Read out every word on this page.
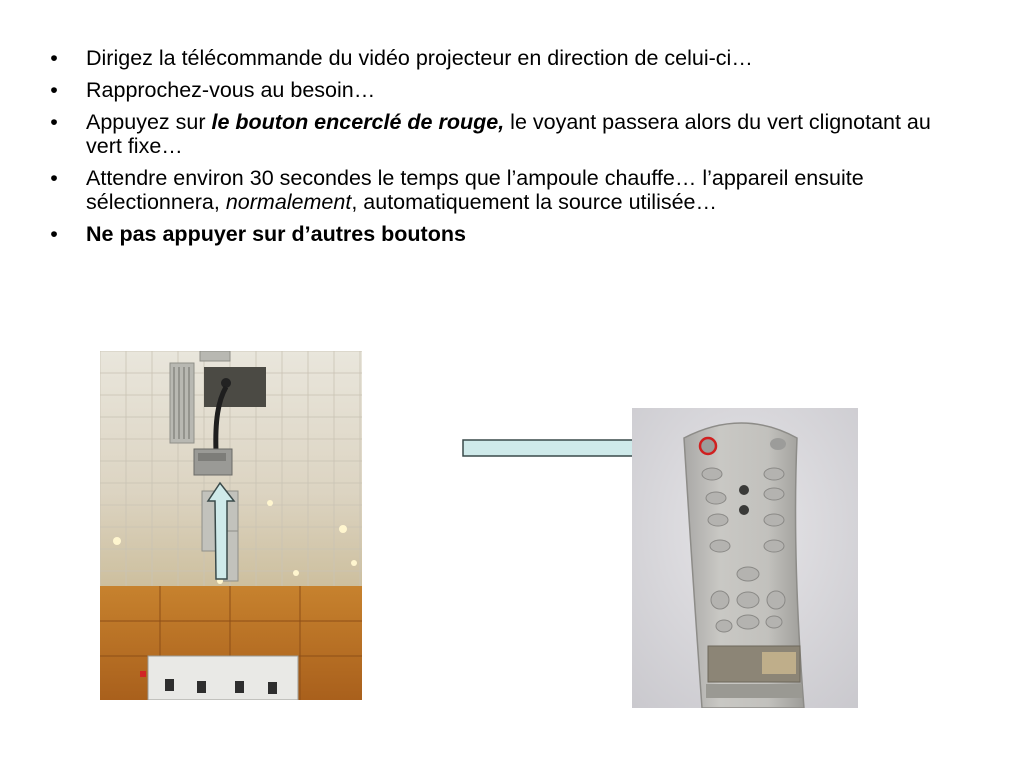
• Dirigez la télécommande du vidéo projecteur en direction de celui-ci…
• Rapprochez-vous au besoin…
• Appuyez sur le bouton encerclé de rouge, le voyant passera alors du vert clignotant au vert fixe…
• Attendre environ 30 secondes le temps que l’ampoule chauffe… l’appareil ensuite sélectionnera, normalement, automatiquement la source utilisée…
• Ne pas appuyer sur d’autres boutons
